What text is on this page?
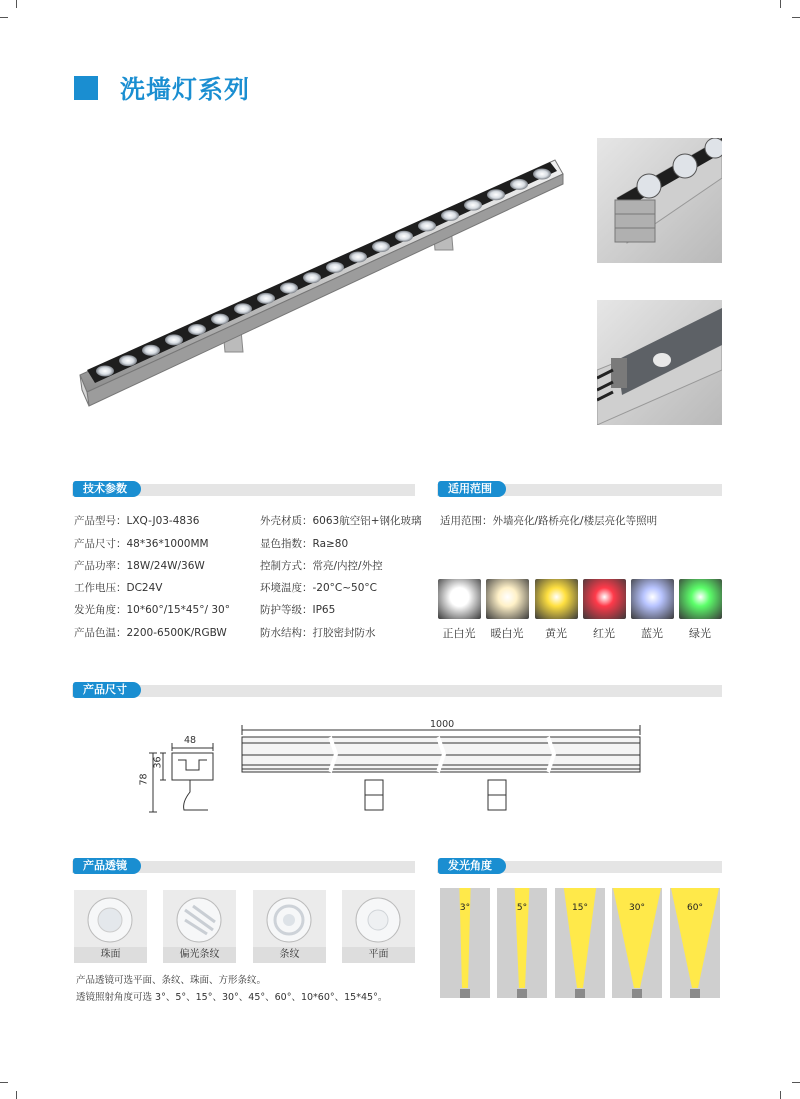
洗墙灯系列
技术参数	适用范围
产品型号：LXQ-J03-4836
产品尺寸：48*36*1000MM
产品功率：18W/24W/36W
工作电压：DC24V
发光角度：10*60°/15*45°/ 30°
产品色温：2200-6500K/RGBW
外壳材质：6063航空铝+钢化玻璃
显色指数：Ra≥80
控制方式：常亮/内控/外控
环境温度：-20°C~50°C
防护等级：IP65
防水结构：打胶密封防水
适用范围：外墙亮化/路桥亮化/楼层亮化等照明
正白光	暖白光	黄光	红光	蓝光	绿光
产品尺寸
1000
48
36
78
产品透镜	发光角度
珠面	偏光条纹	条纹	平面
产品透镜可选平面、条纹、珠面、方形条纹。
透镜照射角度可选 3°、5°、15°、30°、45°、60°、10*60°、15*45°。
3°	5°	15°	30°	60°
